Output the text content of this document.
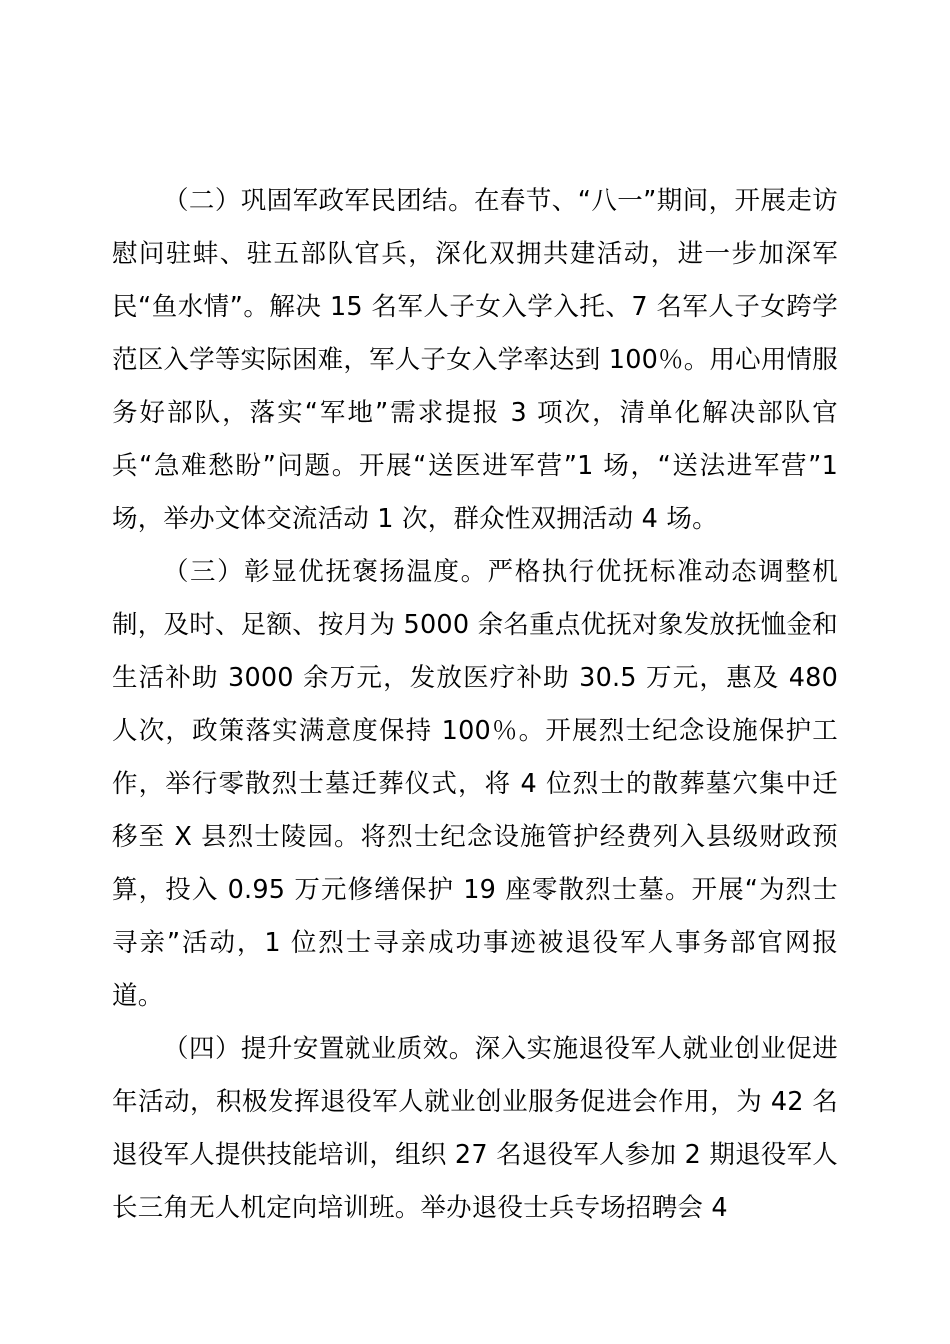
（二）巩固军政军民团结。在春节、“八一”期间，开展走访慰问驻蚌、驻五部队官兵，深化双拥共建活动，进一步加深军民“鱼水情”。解决 15 名军人子女入学入托、7 名军人子女跨学范区入学等实际困难，军人子女入学率达到 100％。用心用情服务好部队，落实“军地”需求提报 3 项次，清单化解决部队官兵“急难愁盼”问题。开展“送医进军营”1 场，“送法进军营”1 场，举办文体交流活动 1 次，群众性双拥活动 4 场。

（三）彰显优抚褒扬温度。严格执行优抚标准动态调整机制，及时、足额、按月为 5000 余名重点优抚对象发放抚恤金和生活补助 3000 余万元，发放医疗补助 30.5 万元，惠及 480 人次，政策落实满意度保持 100％。开展烈士纪念设施保护工作，举行零散烈士墓迁葬仪式，将 4 位烈士的散葬墓穴集中迁移至 X 县烈士陵园。将烈士纪念设施管护经费列入县级财政预算，投入 0.95 万元修缮保护 19 座零散烈士墓。开展“为烈士寻亲”活动，1 位烈士寻亲成功事迹被退役军人事务部官网报道。

（四）提升安置就业质效。深入实施退役军人就业创业促进年活动，积极发挥退役军人就业创业服务促进会作用，为 42 名退役军人提供技能培训，组织 27 名退役军人参加 2 期退役军人长三角无人机定向培训班。举办退役士兵专场招聘会 4
